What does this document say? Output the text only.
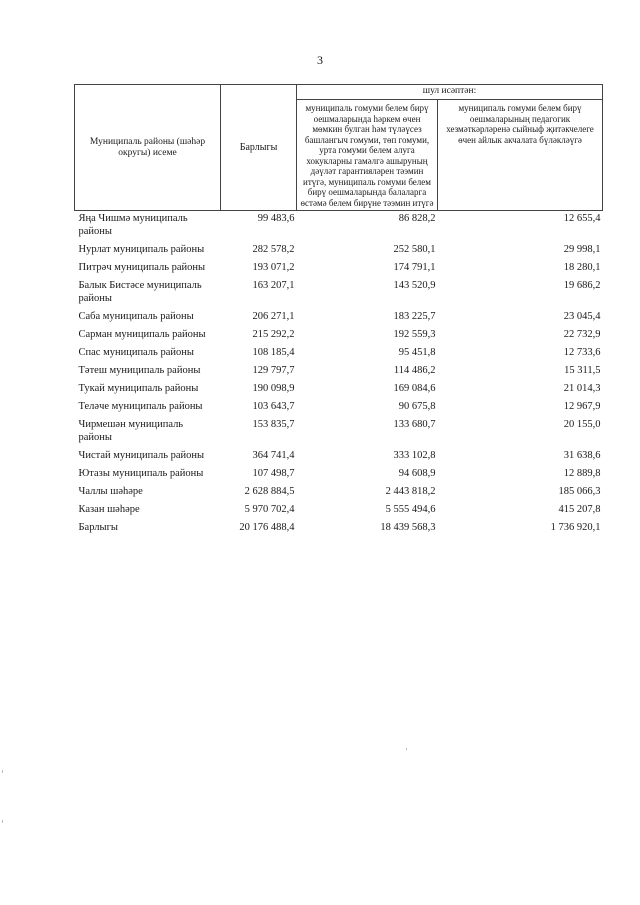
3
Муниципаль районы (шәһәр округы) исеме	Барлыгы	шул исәптән:	
		муниципаль гомуми белем бирү оешмаларында һәркем өчен мөмкин булган һәм түләүсез башлангыч гомуми, төп гомуми, урта гомуми белем алуга хокукларны гамәлгә ашыруның дәүләт гарантияләрен тәэмин итүгә, муниципаль гомуми белем бирү оешмаларында балаларга өстәмә белем бирүне тәэмин итүгә	муниципаль гомуми белем бирү оешмаларының педагогик хезмәткәрләренә сыйныф җитәкчелеге өчен айлык акчалата бүләкләүгә
Яңа Чишмә муниципаль районы	99 483,6	86 828,2	12 655,4
Нурлат муниципаль районы	282 578,2	252 580,1	29 998,1
Питрәч муниципаль районы	193 071,2	174 791,1	18 280,1
Балык Бистәсе муниципаль районы	163 207,1	143 520,9	19 686,2
Саба муниципаль районы	206 271,1	183 225,7	23 045,4
Сарман муниципаль районы	215 292,2	192 559,3	22 732,9
Спас муниципаль районы	108 185,4	95 451,8	12 733,6
Тәтеш муниципаль районы	129 797,7	114 486,2	15 311,5
Тукай муниципаль районы	190 098,9	169 084,6	21 014,3
Теләче муниципаль районы	103 643,7	90 675,8	12 967,9
Чирмешән муниципаль районы	153 835,7	133 680,7	20 155,0
Чистай муниципаль районы	364 741,4	333 102,8	31 638,6
Ютазы муниципаль районы	107 498,7	94 608,9	12 889,8
Чаллы шәһәре	2 628 884,5	2 443 818,2	185 066,3
Казан шәһәре	5 970 702,4	5 555 494,6	415 207,8
Барлыгы	20 176 488,4	18 439 568,3	1 736 920,1
